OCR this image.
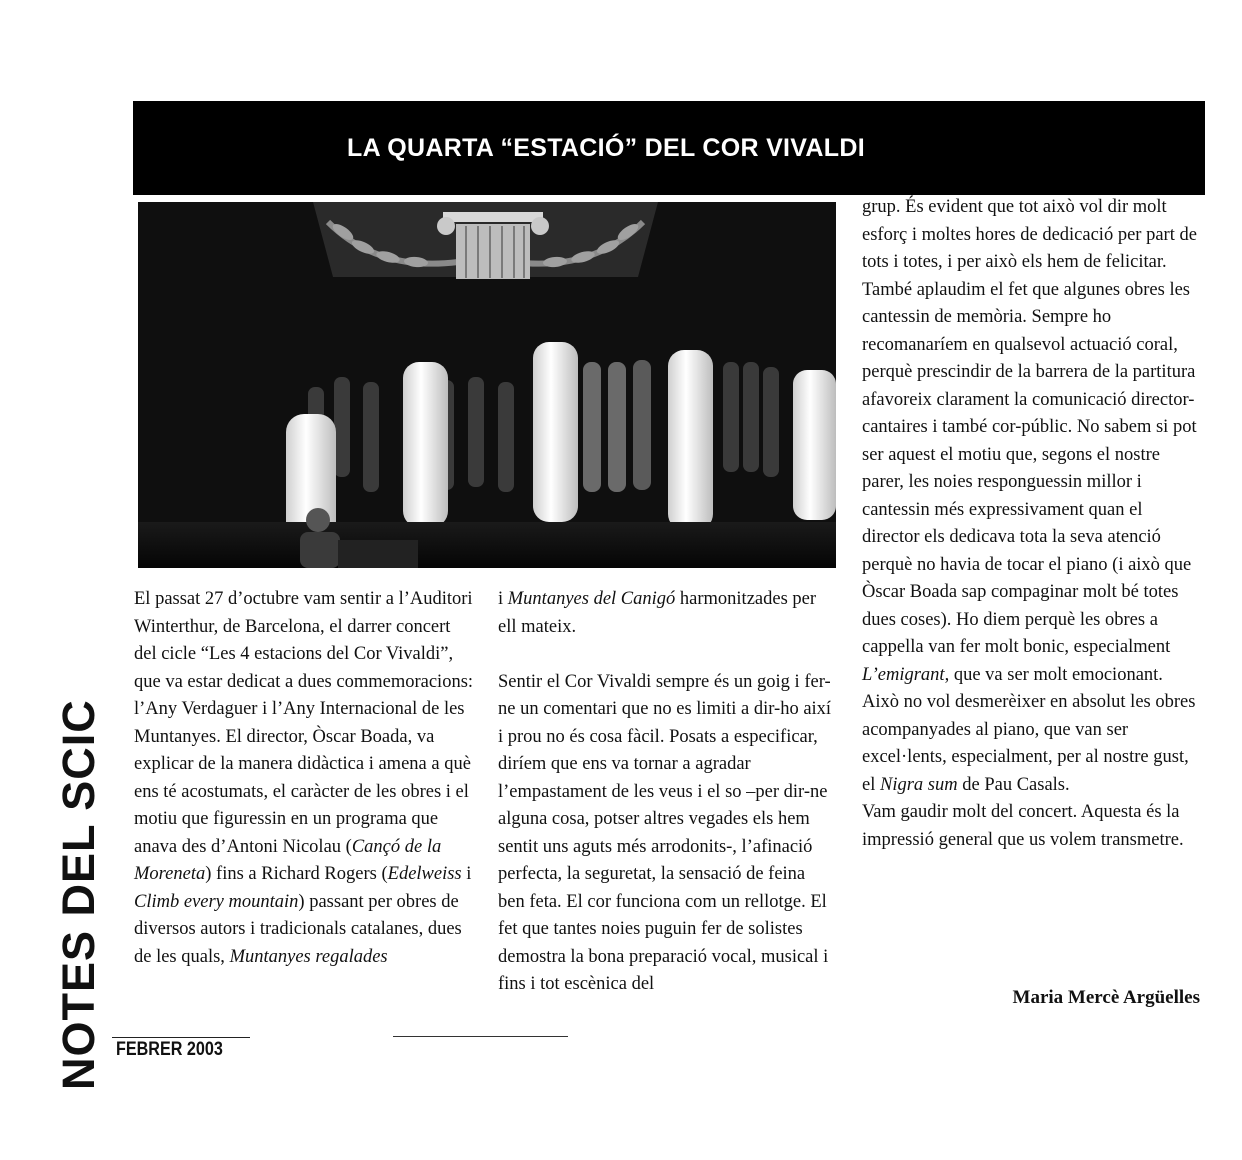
LA QUARTA “ESTACIÓ” DEL COR VIVALDI

El passat 27 d’octubre vam sentir a l’Auditori Winterthur, de Barcelona, el darrer concert del cicle “Les 4 estacions del Cor Vivaldi”, que va estar dedicat a dues commemoracions: l’Any Verdaguer i l’Any Internacional de les Muntanyes. El director, Òscar Boada, va explicar de la manera didàctica i amena a què ens té acostumats, el caràcter de les obres i el motiu que figuressin en un programa que anava des d’Antoni Nicolau (Cançó de la Moreneta) fins a Richard Rogers (Edelweiss i Climb every mountain) passant per obres de diversos autors i tradicionals catalanes, dues de les quals, Muntanyes regalades

i Muntanyes del Canigó harmonitzades per ell mateix.

Sentir el Cor Vivaldi sempre és un goig i fer-ne un comentari que no es limiti a dir-ho així i prou no és cosa fàcil. Posats a especificar, diríem que ens va tornar a agradar l’empastament de les veus i el so –per dir-ne alguna cosa, potser altres vegades els hem sentit uns aguts més arrodonits-, l’afinació perfecta, la seguretat, la sensació de feina ben feta. El cor funciona com un rellotge. El fet que tantes noies puguin fer de solistes demostra la bona preparació vocal, musical i fins i tot escènica del

grup. És evident que tot això vol dir molt esforç i moltes hores de dedicació per part de tots i totes, i per això els hem de felicitar. També aplaudim el fet que algunes obres les cantessin de memòria. Sempre ho recomanaríem en qualsevol actuació coral, perquè prescindir de la barrera de la partitura afavoreix clarament la comunicació director-cantaires i també cor-públic. No sabem si pot ser aquest el motiu que, segons el nostre parer, les noies responguessin millor i cantessin més expressivament quan el director els dedicava tota la seva atenció perquè no havia de tocar el piano (i això que Òscar Boada sap compaginar molt bé totes dues coses). Ho diem perquè les obres a cappella van fer molt bonic, especialment L’emigrant, que va ser molt emocionant. Això no vol desmerèixer en absolut les obres acompanyades al piano, que van ser excel·lents, especialment, per al nostre gust, el Nigra sum de Pau Casals.

Vam gaudir molt del concert. Aquesta és la impressió general que us volem transmetre.

Maria Mercè Argüelles
NOTES DEL SCIC FEBRER 2003
